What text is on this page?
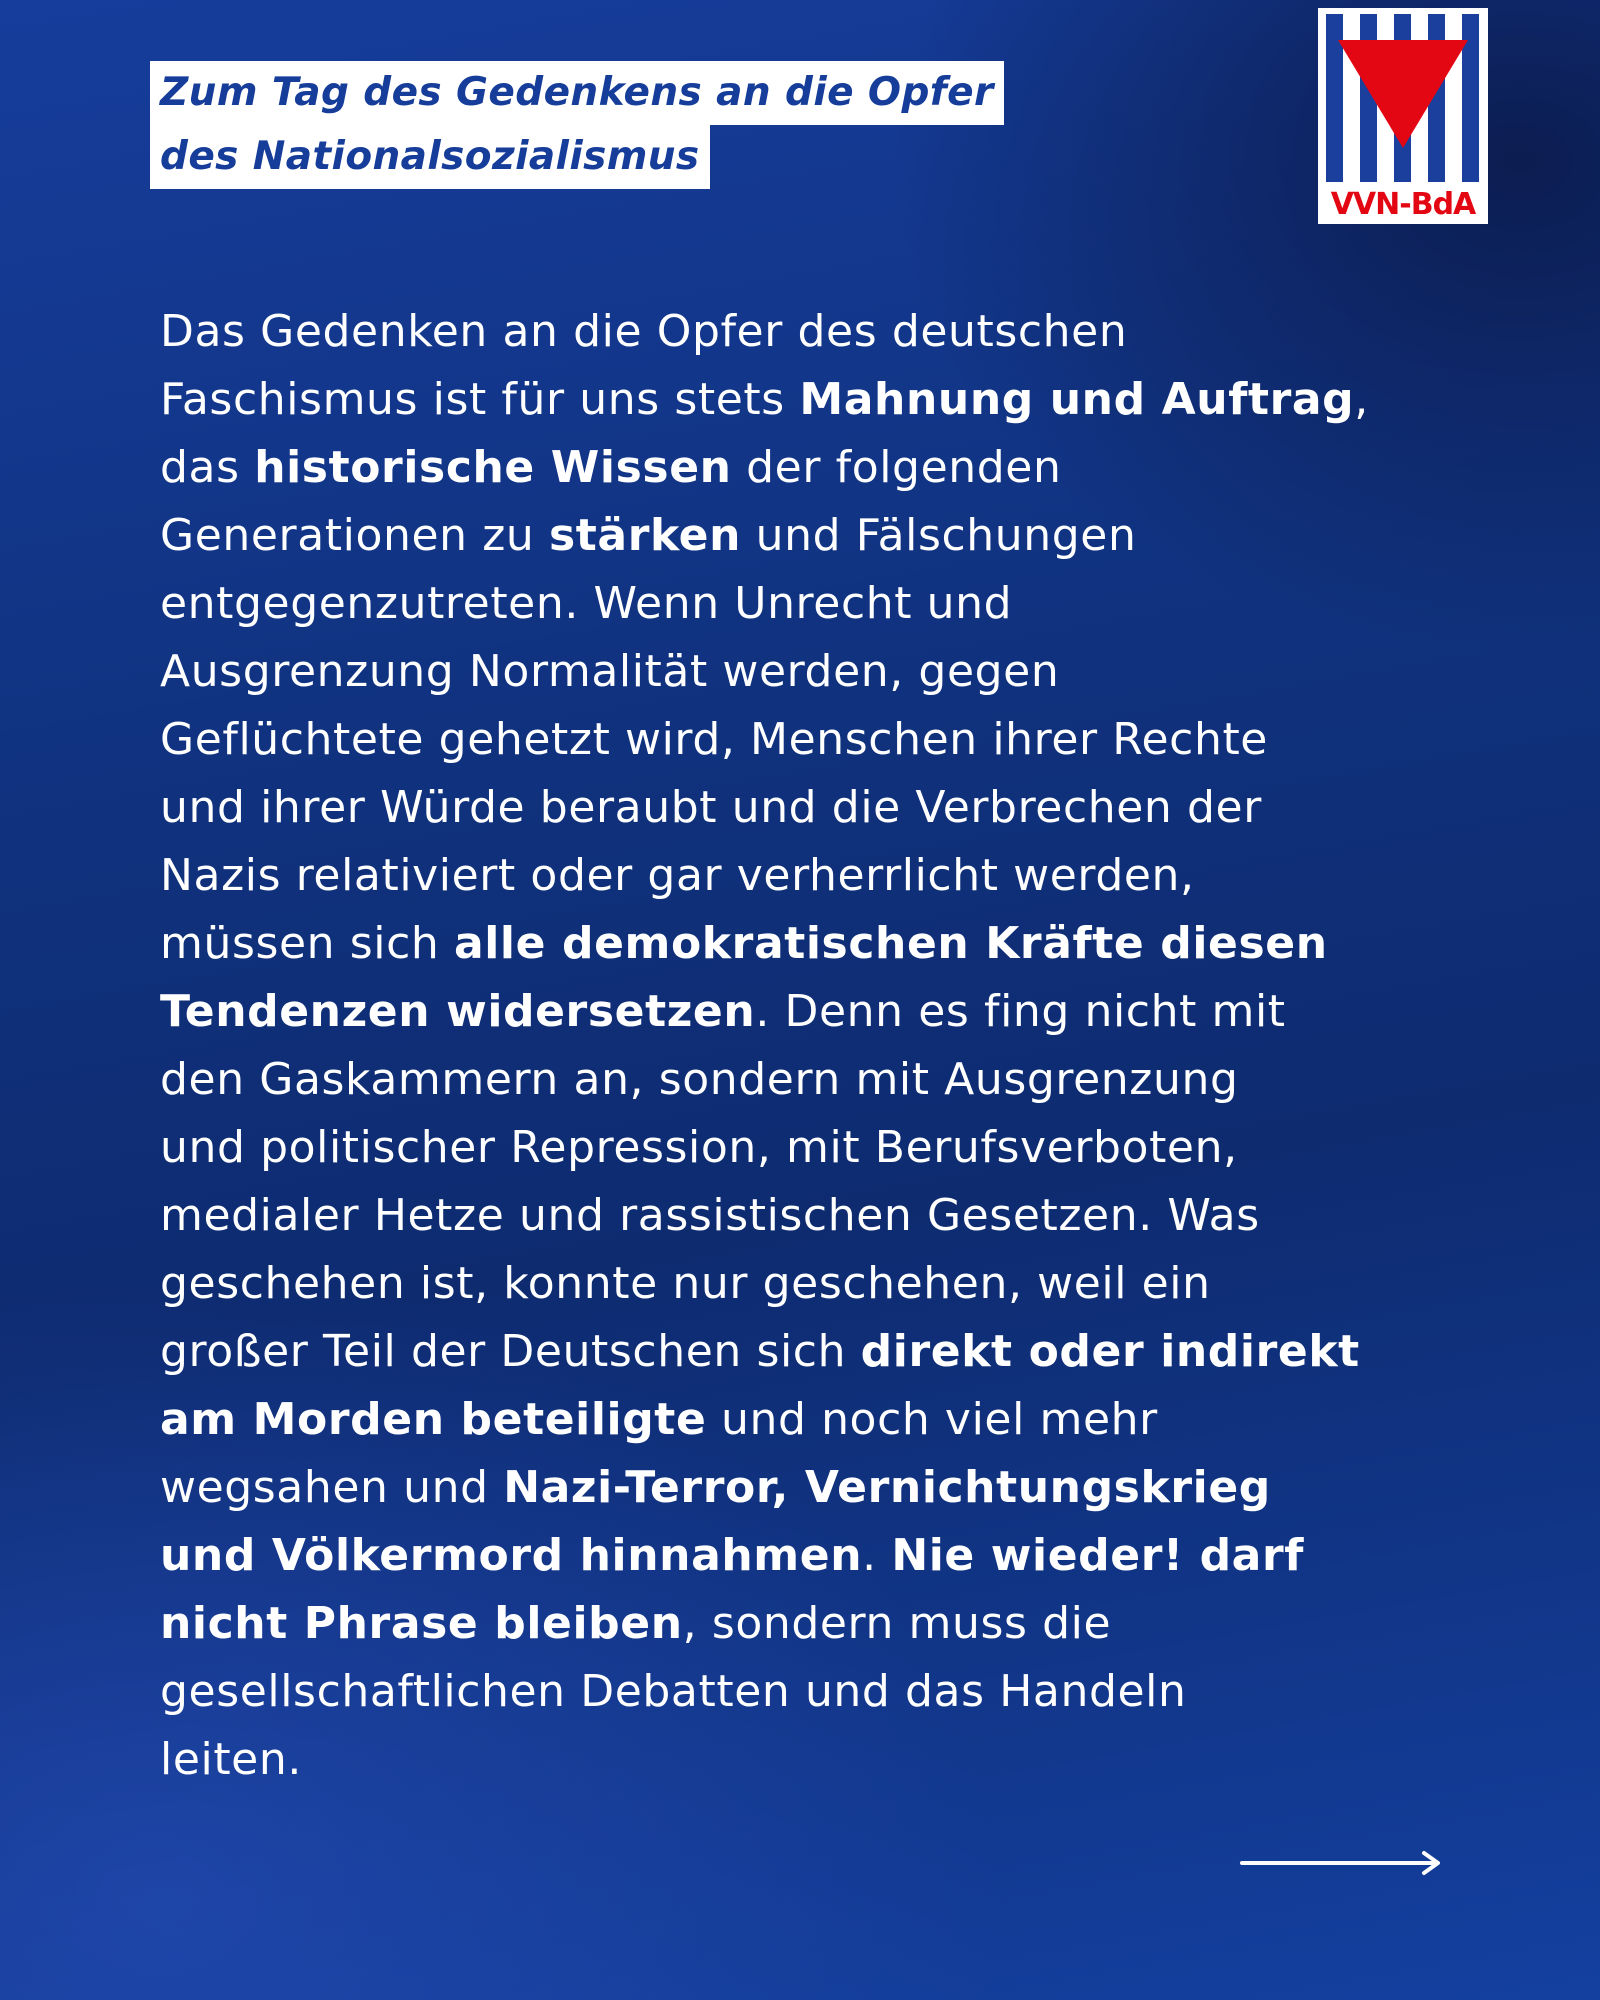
Zum Tag des Gedenkens an die Opfer
des Nationalsozialismus
VVN-BdA
Das Gedenken an die Opfer des deutschen
Faschismus ist für uns stets Mahnung und Auftrag,
das historische Wissen der folgenden
Generationen zu stärken und Fälschungen
entgegenzutreten. Wenn Unrecht und
Ausgrenzung Normalität werden, gegen
Geflüchtete gehetzt wird, Menschen ihrer Rechte
und ihrer Würde beraubt und die Verbrechen der
Nazis relativiert oder gar verherrlicht werden,
müssen sich alle demokratischen Kräfte diesen
Tendenzen widersetzen. Denn es fing nicht mit
den Gaskammern an, sondern mit Ausgrenzung
und politischer Repression, mit Berufsverboten,
medialer Hetze und rassistischen Gesetzen. Was
geschehen ist, konnte nur geschehen, weil ein
großer Teil der Deutschen sich direkt oder indirekt
am Morden beteiligte und noch viel mehr
wegsahen und Nazi-Terror, Vernichtungskrieg
und Völkermord hinnahmen. Nie wieder! darf
nicht Phrase bleiben, sondern muss die
gesellschaftlichen Debatten und das Handeln
leiten.
